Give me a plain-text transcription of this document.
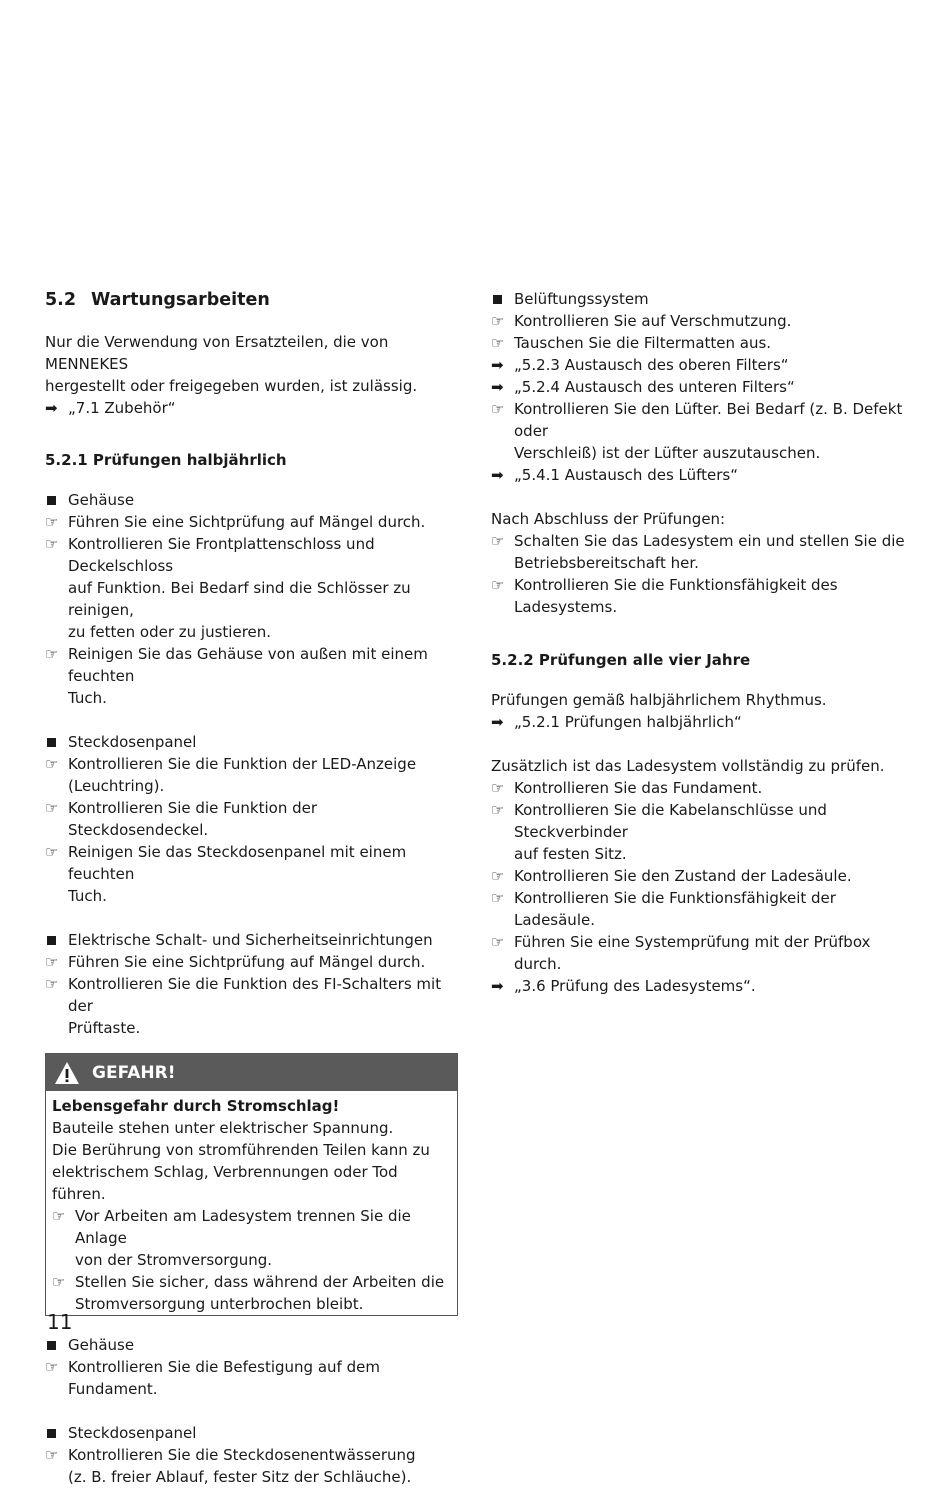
5.2 Wartungsarbeiten

Nur die Verwendung von Ersatzteilen, die von MENNEKES

hergestellt oder freigegeben wurden, ist zulässig.

➡ „7.1 Zubehör“
5.2.1 Prüfungen halbjährlich
Gehäuse
☞ Führen Sie eine Sichtprüfung auf Mängel durch.
☞ Kontrollieren Sie Frontplattenschloss und Deckelschloss
auf Funktion. Bei Bedarf sind die Schlösser zu reinigen,
zu fetten oder zu justieren.
☞ Reinigen Sie das Gehäuse von außen mit einem feuchten
Tuch.
Steckdosenpanel
☞ Kontrollieren Sie die Funktion der LED-Anzeige
(Leuchtring).
☞ Kontrollieren Sie die Funktion der Steckdosendeckel.
☞ Reinigen Sie das Steckdosenpanel mit einem feuchten
Tuch.
Elektrische Schalt- und Sicherheitseinrichtungen
☞ Führen Sie eine Sichtprüfung auf Mängel durch.
☞ Kontrollieren Sie die Funktion des FI-Schalters mit der
Prüftaste.
GEFAHR!

Lebensgefahr durch Stromschlag!

Bauteile stehen unter elektrischer Spannung.

Die Berührung von stromführenden Teilen kann zu

elektrischem Schlag, Verbrennungen oder Tod führen.

☞ Vor Arbeiten am Ladesystem trennen Sie die Anlage
von der Stromversorgung.
☞ Stellen Sie sicher, dass während der Arbeiten die
Stromversorgung unterbrochen bleibt.
Gehäuse
☞ Kontrollieren Sie die Befestigung auf dem Fundament.
Steckdosenpanel
☞ Kontrollieren Sie die Steckdosenentwässerung
(z. B. freier Ablauf, fester Sitz der Schläuche).
Belüftungssystem
☞ Kontrollieren Sie auf Verschmutzung.
☞ Tauschen Sie die Filtermatten aus.
➡ „5.2.3 Austausch des oberen Filters“
➡ „5.2.4 Austausch des unteren Filters“
☞ Kontrollieren Sie den Lüfter. Bei Bedarf (z. B. Defekt oder
Verschleiß) ist der Lüfter auszutauschen.
➡ „5.4.1 Austausch des Lüfters“

Nach Abschluss der Prüfungen:

☞ Schalten Sie das Ladesystem ein und stellen Sie die
Betriebsbereitschaft her.
☞ Kontrollieren Sie die Funktionsfähigkeit des Ladesystems.
5.2.2 Prüfungen alle vier Jahre

Prüfungen gemäß halbjährlichem Rhythmus.

➡ „5.2.1 Prüfungen halbjährlich“

Zusätzlich ist das Ladesystem vollständig zu prüfen.

☞ Kontrollieren Sie das Fundament.
☞ Kontrollieren Sie die Kabelanschlüsse und Steckverbinder
auf festen Sitz.
☞ Kontrollieren Sie den Zustand der Ladesäule.
☞ Kontrollieren Sie die Funktionsfähigkeit der Ladesäule.
☞ Führen Sie eine Systemprüfung mit der Prüfbox durch.
➡ „3.6 Prüfung des Ladesystems“.
11
